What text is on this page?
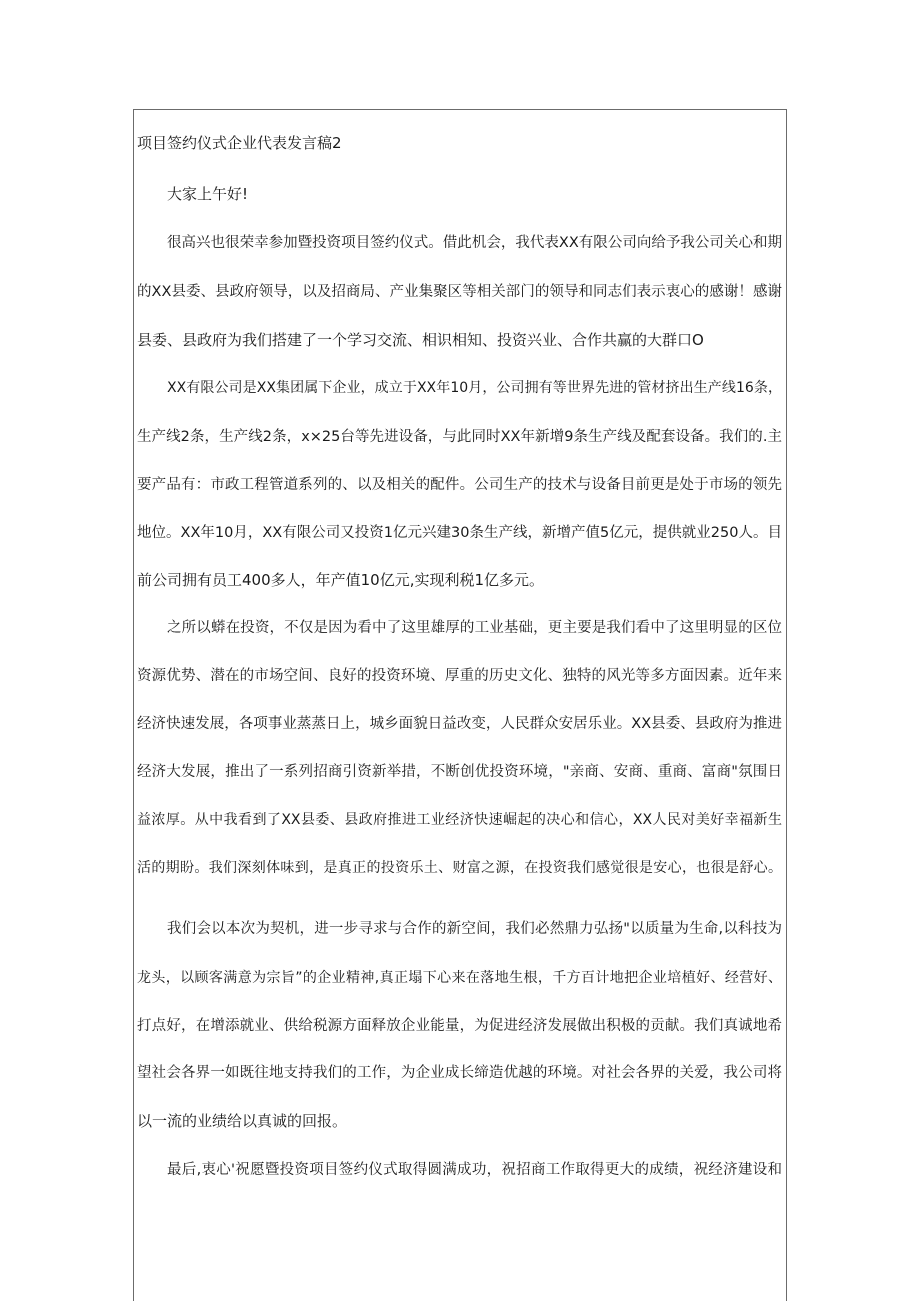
项目签约仪式企业代表发言稿2
大家上午好!
很高兴也很荣幸参加暨投资项目签约仪式。借此机会，我代表XX有限公司向给予我公司关心和期
的XX县委、县政府领导，以及招商局、产业集聚区等相关部门的领导和同志们表示衷心的感谢！感谢
县委、县政府为我们搭建了一个学习交流、相识相知、投资兴业、合作共赢的大群口O
XX有限公司是XX集团属下企业，成立于XX年10月，公司拥有等世界先进的管材挤出生产线16条，
生产线2条，生产线2条，x×25台等先进设备，与此同时XX年新增9条生产线及配套设备。我们的.主
要产品有：市政工程管道系列的、以及相关的配件。公司生产的技术与设备目前更是处于市场的领先
地位。XX年10月，XX有限公司又投资1亿元兴建30条生产线，新增产值5亿元，提供就业250人。目
前公司拥有员工400多人，年产值10亿元,实现利税1亿多元。
之所以蟒在投资，不仅是因为看中了这里雄厚的工业基础，更主要是我们看中了这里明显的区位
资源优势、潜在的市场空间、良好的投资环境、厚重的历史文化、独特的风光等多方面因素。近年来
经济快速发展，各项事业蒸蒸日上，城乡面貌日益改变，人民群众安居乐业。XX县委、县政府为推进
经济大发展，推出了一系列招商引资新举措，不断创优投资环境，"亲商、安商、重商、富商"氛围日
益浓厚。从中我看到了XX县委、县政府推进工业经济快速崛起的决心和信心，XX人民对美好幸福新生
活的期盼。我们深刻体味到，是真正的投资乐土、财富之源，在投资我们感觉很是安心，也很是舒心。
我们会以本次为契机，进一步寻求与合作的新空间，我们必然鼎力弘扬"以质量为生命,以科技为
龙头，以顾客满意为宗旨”的企业精神,真正塌下心来在落地生根，千方百计地把企业培植好、经营好、
打点好，在增添就业、供给税源方面释放企业能量，为促进经济发展做出积极的贡献。我们真诚地希
望社会各界一如既往地支持我们的工作，为企业成长缔造优越的环境。对社会各界的关爱，我公司将
以一流的业绩给以真诚的回报。
最后,衷心'祝愿暨投资项目签约仪式取得圆满成功，祝招商工作取得更大的成绩，祝经济建设和
